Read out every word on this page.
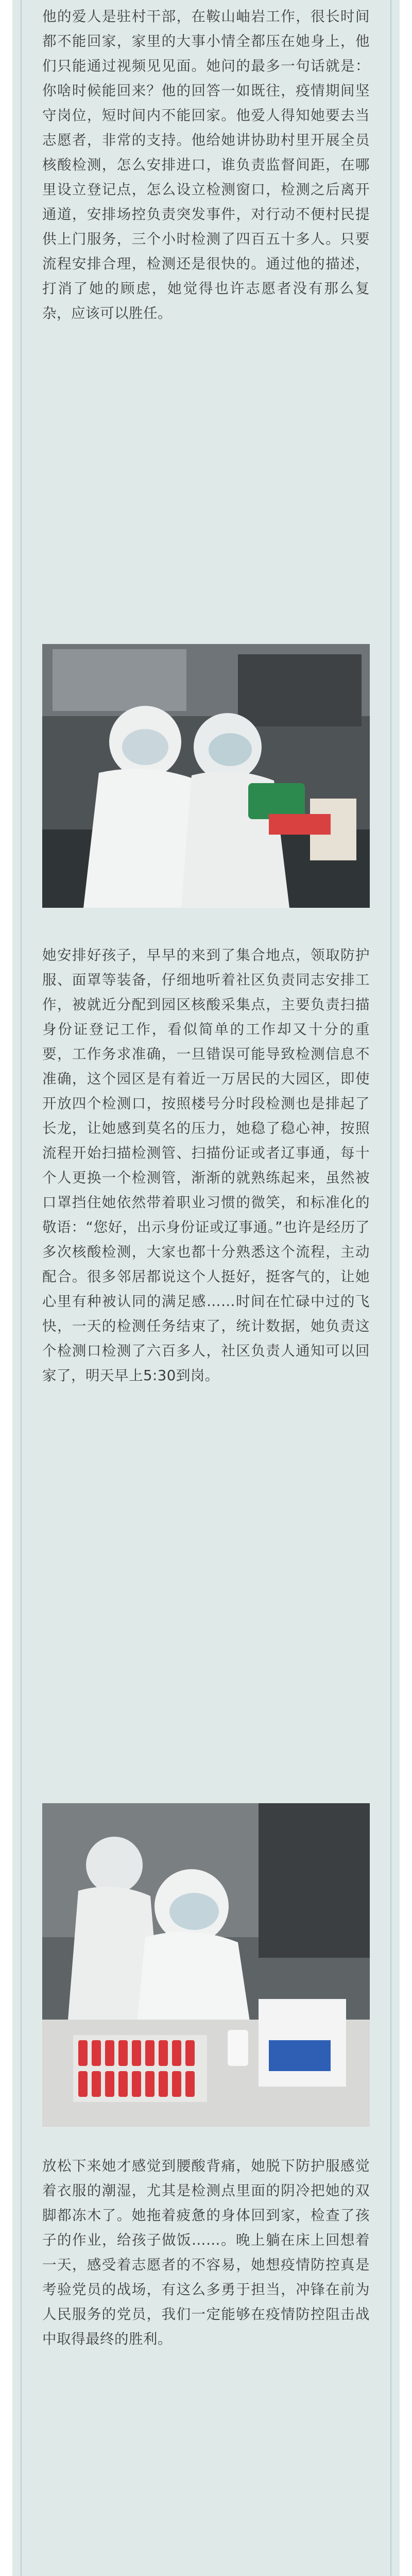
他的爱人是驻村干部，在鞍山岫岩工作，很长时间都不能回家，家里的大事小情全都压在她身上，他们只能通过视频见见面。她问的最多一句话就是：你啥时候能回来？他的回答一如既往，疫情期间坚守岗位，短时间内不能回家。他爱人得知她要去当志愿者，非常的支持。他给她讲协助村里开展全员核酸检测，怎么安排进口，谁负责监督间距，在哪里设立登记点，怎么设立检测窗口，检测之后离开通道，安排场控负责突发事件，对行动不便村民提供上门服务，三个小时检测了四百五十多人。只要流程安排合理，检测还是很快的。通过他的描述，打消了她的顾虑，她觉得也许志愿者没有那么复杂，应该可以胜任。
她安排好孩子，早早的来到了集合地点，领取防护服、面罩等装备，仔细地听着社区负责同志安排工作，被就近分配到园区核酸采集点，主要负责扫描身份证登记工作，看似简单的工作却又十分的重要，工作务求准确，一旦错误可能导致检测信息不准确，这个园区是有着近一万居民的大园区，即使开放四个检测口，按照楼号分时段检测也是排起了长龙，让她感到莫名的压力，她稳了稳心神，按照流程开始扫描检测管、扫描份证或者辽事通，每十个人更换一个检测管，渐渐的就熟练起来，虽然被口罩挡住她依然带着职业习惯的微笑，和标准化的敬语：“您好，出示身份证或辽事通。”也许是经历了多次核酸检测，大家也都十分熟悉这个流程，主动配合。很多邻居都说这个人挺好，挺客气的，让她心里有种被认同的满足感……时间在忙碌中过的飞快，一天的检测任务结束了，统计数据，她负责这个检测口检测了六百多人，社区负责人通知可以回家了，明天早上5:30到岗。
放松下来她才感觉到腰酸背痛，她脱下防护服感觉着衣服的潮湿，尤其是检测点里面的阴冷把她的双脚都冻木了。她拖着疲惫的身体回到家，检查了孩子的作业，给孩子做饭……。晚上躺在床上回想着一天，感受着志愿者的不容易，她想疫情防控真是考验党员的战场，有这么多勇于担当，冲锋在前为人民服务的党员，我们一定能够在疫情防控阻击战中取得最终的胜利。
